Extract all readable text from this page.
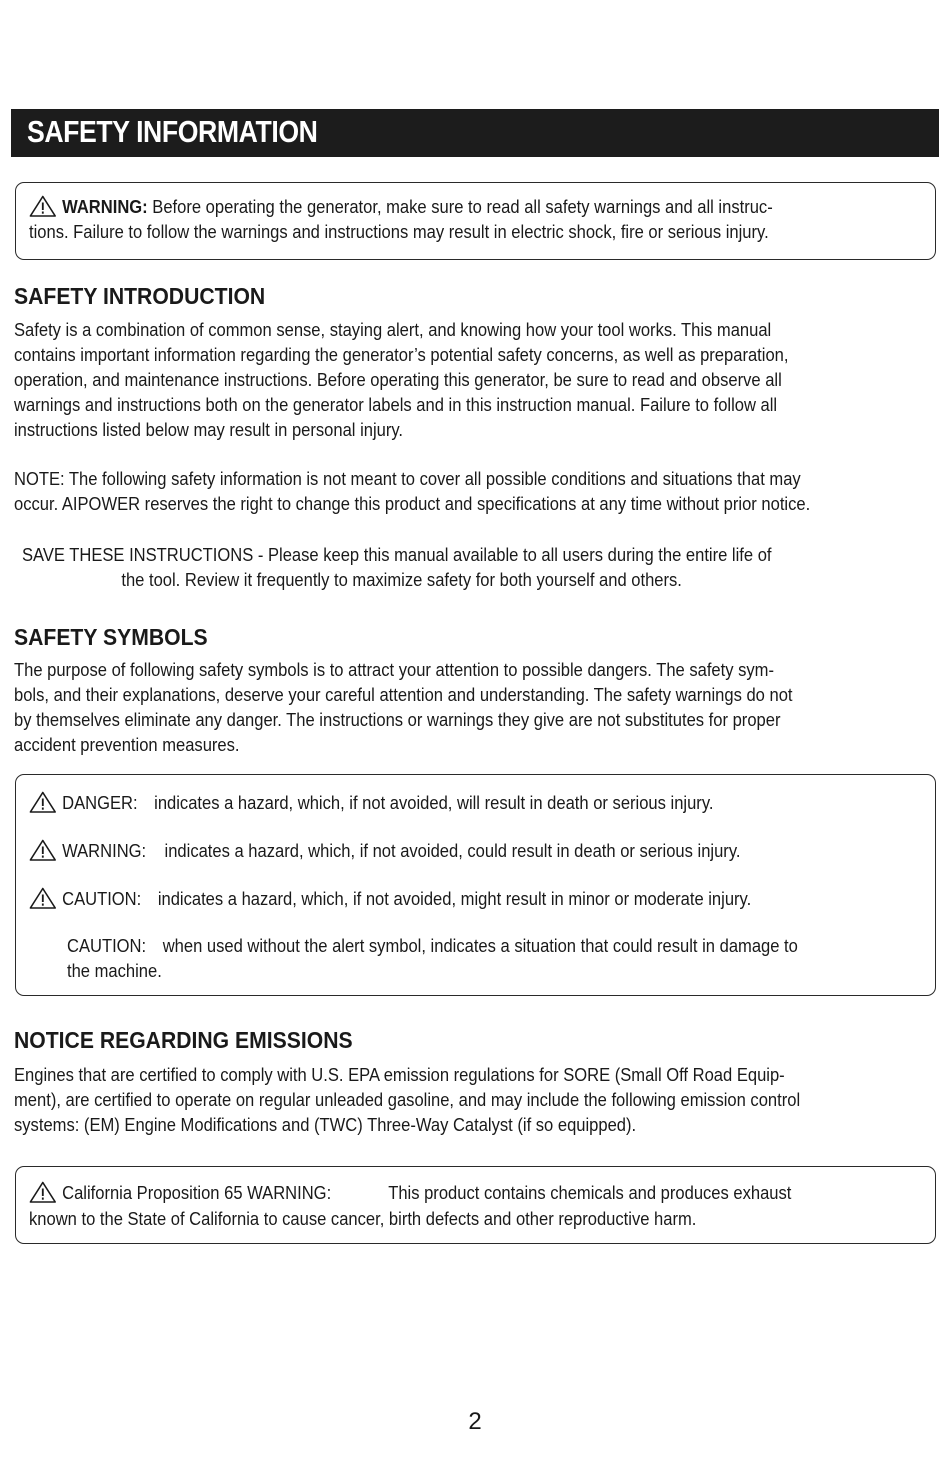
SAFETY INFORMATION
WARNING: Before operating the generator, make sure to read all safety warnings and all instruc-
tions. Failure to follow the warnings and instructions may result in electric shock, fire or serious injury.
SAFETY INTRODUCTION
Safety is a combination of common sense, staying alert, and knowing how your tool works. This manual
contains important information regarding the generator’s potential safety concerns, as well as preparation,
operation, and maintenance instructions. Before operating this generator, be sure to read and observe all
warnings and instructions both on the generator labels and in this instruction manual. Failure to follow all
instructions listed below may result in personal injury.
NOTE: The following safety information is not meant to cover all possible conditions and situations that may
occur. AIPOWER reserves the right to change this product and specifications at any time without prior notice.
SAVE THESE INSTRUCTIONS - Please keep this manual available to all users during the entire life of
the tool. Review it frequently to maximize safety for both yourself and others.
SAFETY SYMBOLS
The purpose of following safety symbols is to attract your attention to possible dangers. The safety sym-
bols, and their explanations, deserve your careful attention and understanding. The safety warnings do not
by themselves eliminate any danger. The instructions or warnings they give are not substitutes for proper
accident prevention measures.
DANGER: indicates a hazard, which, if not avoided, will result in death or serious injury.
WARNING: indicates a hazard, which, if not avoided, could result in death or serious injury.
CAUTION: indicates a hazard, which, if not avoided, might result in minor or moderate injury.
CAUTION: when used without the alert symbol, indicates a situation that could result in damage to
the machine.
NOTICE REGARDING EMISSIONS
Engines that are certified to comply with U.S. EPA emission regulations for SORE (Small Off Road Equip-
ment), are certified to operate on regular unleaded gasoline, and may include the following emission control
systems: (EM) Engine Modifications and (TWC) Three-Way Catalyst (if so equipped).
California Proposition 65 WARNING:	This product contains chemicals and produces exhaust
known to the State of California to cause cancer, birth defects and other reproductive harm.
2
